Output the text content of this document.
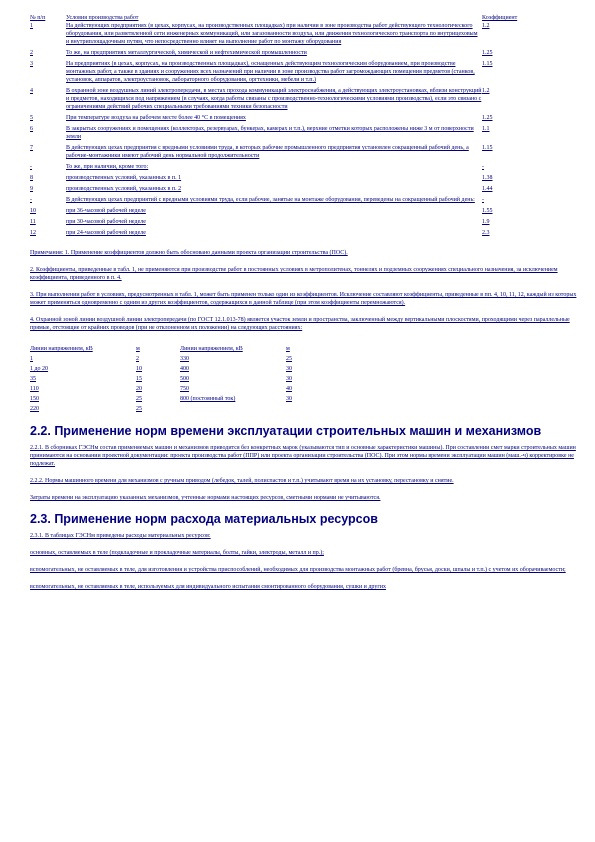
№ п/п	Условия производства работ	Коэффициент
1	На действующих предприятиях (в цехах, корпусах, на производственных площадках) при наличии в зоне производства работ действующего технологического оборудования, или разветвленной сети инженерных коммуникаций, или загазованности воздуха, или движения технологического транспорта по внутрицеховым и внутриплощадочным путям, что непосредственно влияет на выполнение работ по монтажу оборудования	1.2
2	То же, на предприятиях металлургической, химической и нефтехимической промышленности	1.25
3	На предприятиях (в цехах, корпусах, на производственных площадках), оснащенных действующим технологическим оборудованием, при производстве монтажных работ, а также в зданиях и сооружениях всех назначений при наличии в зоне производства работ загромождающих помещения предметов (станков, установок, аппаратов, электроустановок, лабораторного оборудования, оргтехники, мебели и т.п.)	1.15
4	В охранной зоне воздушных линий электропередачи, в местах прохода коммуникаций электроснабжения, а действующих электроустановках, вблизи конструкций и предметов, находящихся под напряжением (в случаях, когда работы связаны с производственно-технологическими условиями производства), если это связано с ограничениями действий рабочих специальными требованиями техники безопасности	1.2
5	При температуре воздуха на рабочем месте более 40 °С в помещениях	1.25
6	В закрытых сооружениях и помещениях (коллекторах, резервуарах, бункерах, камерах и т.п.), верхние отметки которых расположены ниже 3 м от поверхности земли	1.1
7	В действующих цехах предприятия с вредными условиями труда, в которых рабочие промышленного предприятия установлен сокращенный рабочий день, а рабочие-монтажники имеют рабочий день нормальной продолжительности	1.15
-	То же, при наличии, кроме того:	-
8	производственных условий, указанных в п. 1	1.38
9	производственных условий, указанных в п. 2	1.44
-	В действующих цехах предприятий с вредными условиями труда, если рабочие, занятые на монтаже оборудования, переведены на сокращенный рабочий день:	-
10	при 36-часовой рабочей неделе	1.55
11	при 30-часовой рабочей неделе	1.9
12	при 24-часовой рабочей неделе	2.3
Примечания: 1. Применение коэффициентов должно быть обосновано данными проекта организации строительства (ПОС).
2. Коэффициенты, приведенные в табл. 1, не применяются при производстве работ в постоянных условиях в метрополитенах, тоннелях и подземных сооружениях специального назначения, за исключением коэффициента, приведенного в п. 4.
3. При выполнении работ в условиях, предусмотренных в табл. 1, может быть применен только один из коэффициентов. Исключение составляют коэффициенты, приведенные в пп. 4, 10, 11, 12, каждый из которых может применяться одновременно с одним из других коэффициентов, содержащихся в данной таблице (при этом коэффициенты перемножаются).
4. Охранной зоной линии воздушной линии электропередачи (по ГОСТ 12.1.013-78) является участок земли и пространства, заключенный между вертикальными плоскостями, проходящими через параллельные прямые, отстоящие от крайних проводов (при не отклоненном их положении) на следующих расстояниях:
Линии напряжением, кВ	м	Линии напряжением, кВ	м
1	2	330	25
1 до 20	10	400	30
35	15	500	30
110	20	750	40
150	25	800 (постоянный ток)	30
220	25		
2.2. Применение норм времени эксплуатации строительных машин и механизмов

2.2.1. В сборниках ГЭСНм состав применяемых машин и механизмов приводится без конкретных марок (указываются тип и основные характеристики машины). При составлении смет марки строительных машин принимаются на основании проектной документации: проекта производства работ (ППР) или проекта организации строительства (ПОС). При этом нормы времени эксплуатации машин (маш.-ч) корректировке не подлежат.

2.2.2. Нормы машинного времени для механизмов с ручным приводом (лебедок, талей, полиспастов и т.п.) учитывают время на их установку, перестановку и снятие.

Затраты времени на эксплуатацию указанных механизмов, учтенные нормами настоящих ресурсов, сметными нормами не учитываются.

2.3. Применение норм расхода материальных ресурсов

2.3.1. В таблицах ГЭСНм приведены расходы материальных ресурсов:

основных, оставляемых в теле (подкладочные и прокладочные материалы, болты, гайки, электроды, металл и пр.);

вспомогательных, не оставляемых в теле, для изготовления и устройства приспособлений, необходимых для производства монтажных работ (бревна, брусья, доски, шпалы и т.п.) с учетом их оборачиваемости;

вспомогательных, не оставляемых в теле, используемых для индивидуального испытания смонтированного оборудования, сушки и других
